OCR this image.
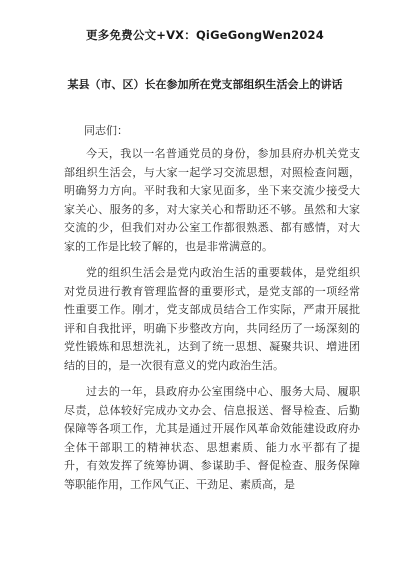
更多免费公文+VX：QiGeGongWen2024
某县（市、区）长在参加所在党支部组织生活会上的讲话
同志们：

今天，我以一名普通党员的身份，参加县府办机关党支部组织生活会，与大家一起学习交流思想，对照检查问题，明确努力方向。平时我和大家见面多，坐下来交流少接受大家关心、服务的多，对大家关心和帮助还不够。虽然和大家交流的少，但我们对办公室工作都很熟悉、都有感情，对大家的工作是比较了解的，也是非常满意的。

党的组织生活会是党内政治生活的重要载体，是党组织对党员进行教育管理监督的重要形式，是党支部的一项经常性重要工作。刚才，党支部成员结合工作实际，严肃开展批评和自我批评，明确下步整改方向，共同经历了一场深刻的党性锻炼和思想洗礼，达到了统一思想、凝聚共识、增进团结的目的，是一次很有意义的党内政治生活。

过去的一年，县政府办公室围绕中心、服务大局、履职尽责，总体较好完成办文办会、信息报送、督导检查、后勤保障等各项工作，尤其是通过开展作风革命效能建设政府办全体干部职工的精神状态、思想素质、能力水平都有了提升，有效发挥了统筹协调、参谋助手、督促检查、服务保障等职能作用，工作风气正、干劲足、素质高，是
